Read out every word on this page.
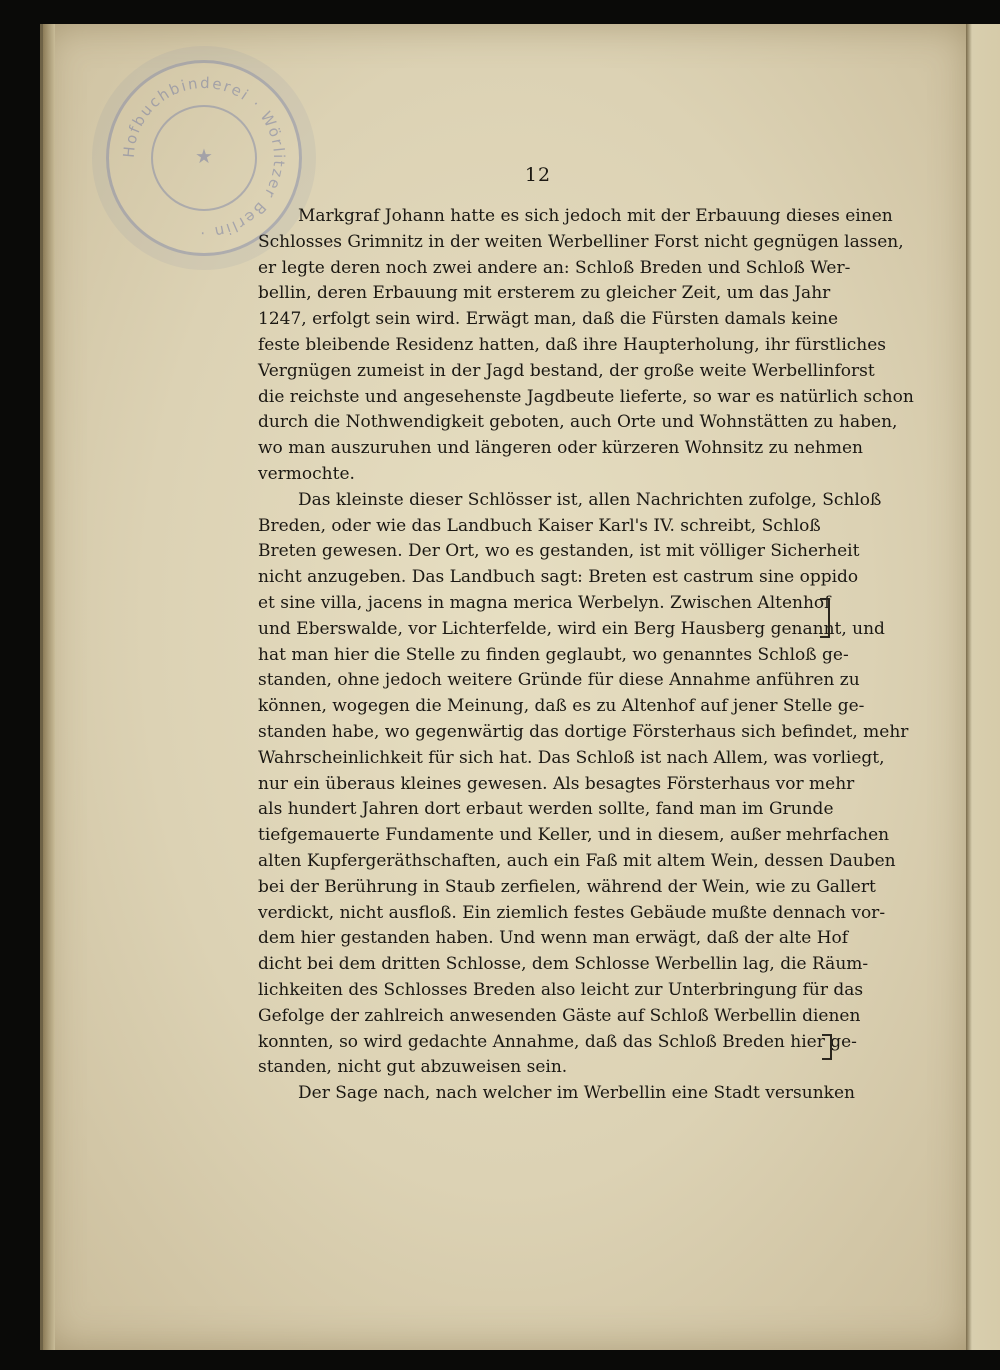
Hofbuchbinderei · Wörlitzer Berlin ·
★
12
Markgraf Johann hatte es sich jedoch mit der Erbauung dieses einen
Schlosses Grimnitz in der weiten Werbelliner Forst nicht gegnügen lassen,
er legte deren noch zwei andere an: Schloß Breden und Schloß Wer-
bellin, deren Erbauung mit ersterem zu gleicher Zeit, um das Jahr
1247, erfolgt sein wird. Erwägt man, daß die Fürsten damals keine
feste bleibende Residenz hatten, daß ihre Haupterholung, ihr fürstliches
Vergnügen zumeist in der Jagd bestand, der große weite Werbellinforst
die reichste und angesehenste Jagdbeute lieferte, so war es natürlich schon
durch die Nothwendigkeit geboten, auch Orte und Wohnstätten zu haben,
wo man auszuruhen und längeren oder kürzeren Wohnsitz zu nehmen
vermochte.
Das kleinste dieser Schlösser ist, allen Nachrichten zufolge, Schloß
Breden, oder wie das Landbuch Kaiser Karl's IV. schreibt, Schloß
Breten gewesen. Der Ort, wo es gestanden, ist mit völliger Sicherheit
nicht anzugeben. Das Landbuch sagt: Breten est castrum sine oppido
et sine villa, jacens in magna merica Werbelyn. Zwischen Altenhof
und Eberswalde, vor Lichterfelde, wird ein Berg Hausberg genannt, und
hat man hier die Stelle zu finden geglaubt, wo genanntes Schloß ge-
standen, ohne jedoch weitere Gründe für diese Annahme anführen zu
können, wogegen die Meinung, daß es zu Altenhof auf jener Stelle ge-
standen habe, wo gegenwärtig das dortige Försterhaus sich befindet, mehr
Wahrscheinlichkeit für sich hat. Das Schloß ist nach Allem, was vorliegt,
nur ein überaus kleines gewesen. Als besagtes Försterhaus vor mehr
als hundert Jahren dort erbaut werden sollte, fand man im Grunde
tiefgemauerte Fundamente und Keller, und in diesem, außer mehrfachen
alten Kupfergeräthschaften, auch ein Faß mit altem Wein, dessen Dauben
bei der Berührung in Staub zerfielen, während der Wein, wie zu Gallert
verdickt, nicht ausfloß. Ein ziemlich festes Gebäude mußte dennach vor-
dem hier gestanden haben. Und wenn man erwägt, daß der alte Hof
dicht bei dem dritten Schlosse, dem Schlosse Werbellin lag, die Räum-
lichkeiten des Schlosses Breden also leicht zur Unterbringung für das
Gefolge der zahlreich anwesenden Gäste auf Schloß Werbellin dienen
konnten, so wird gedachte Annahme, daß das Schloß Breden hier ge-
standen, nicht gut abzuweisen sein.
Der Sage nach, nach welcher im Werbellin eine Stadt versunken
